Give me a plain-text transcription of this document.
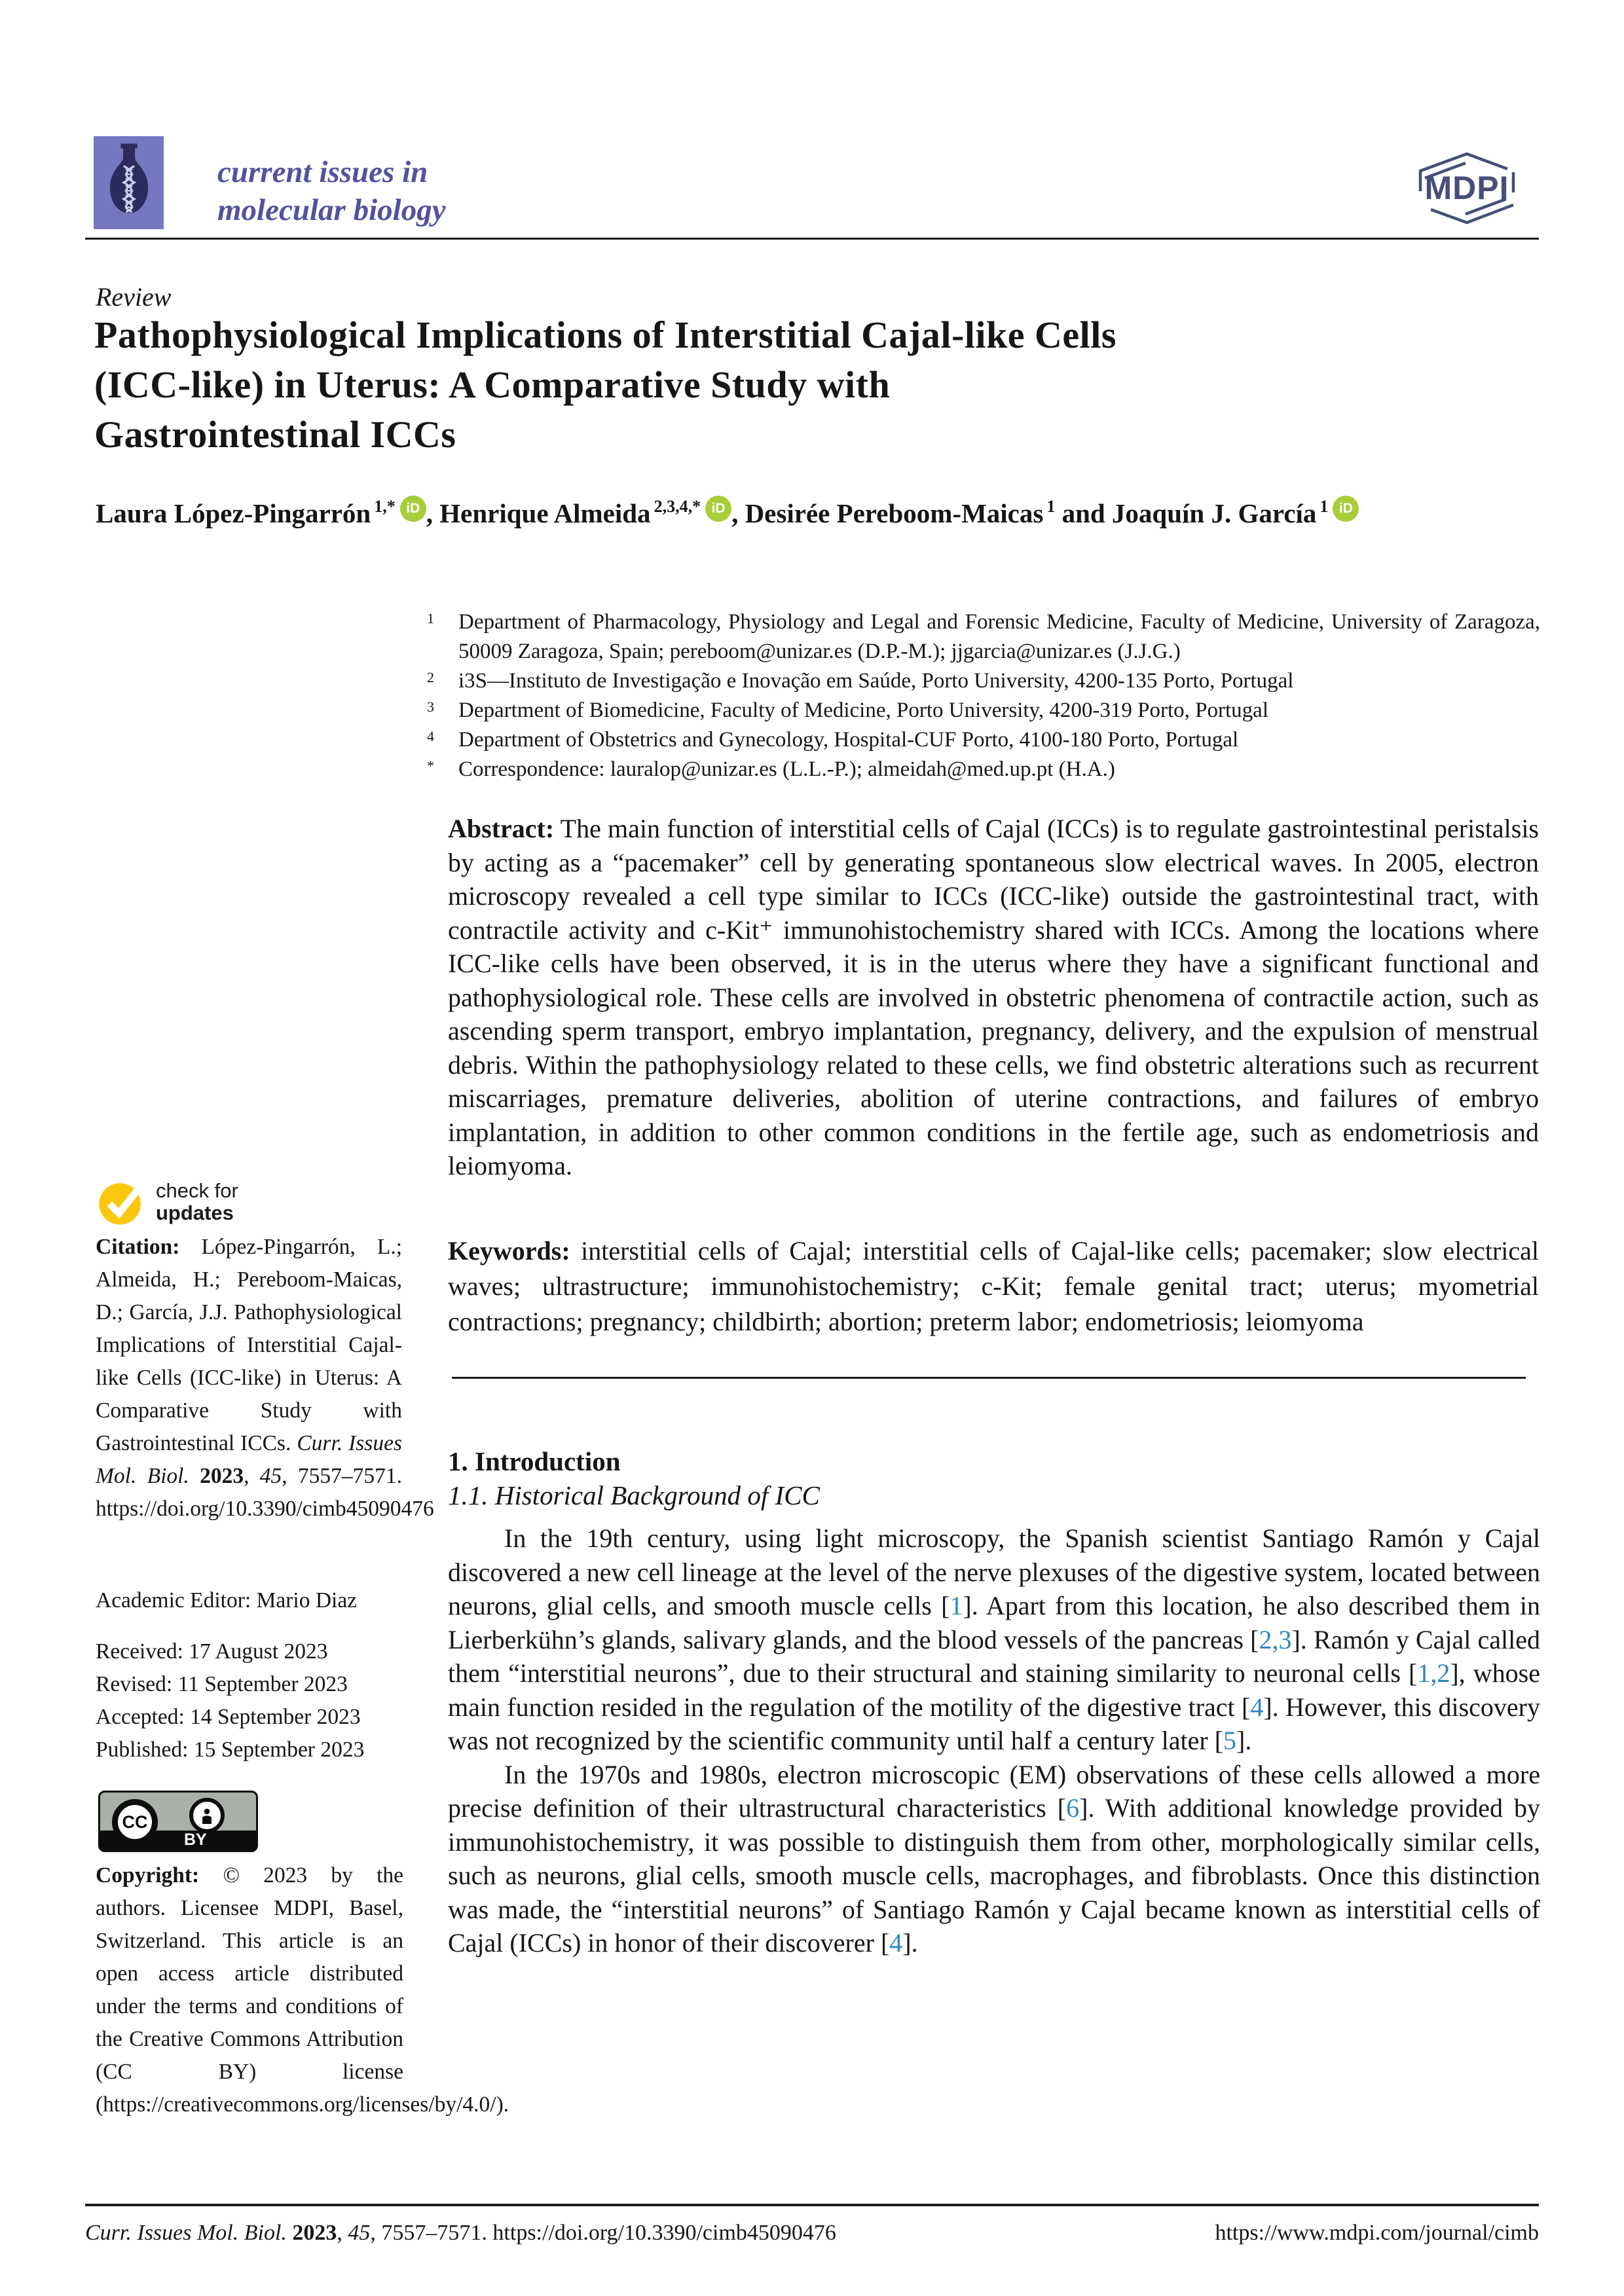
current issues in
molecular biology
MDPI
Review
Pathophysiological Implications of Interstitial Cajal-like Cells
(ICC-like) in Uterus: A Comparative Study with
Gastrointestinal ICCs
Laura López-Pingarrón $^{1,*}$ iD , Henrique Almeida $^{2,3,4,*}$ iD , Desirée Pereboom-Maicas $^1$ and Joaquín J. García $^1$ iD
1	Department of Pharmacology, Physiology and Legal and Forensic Medicine, Faculty of Medicine, University of Zaragoza, 50009 Zaragoza, Spain; pereboom@unizar.es (D.P.-M.); jjgarcia@unizar.es (J.J.G.)
2	i3S—Instituto de Investigação e Inovação em Saúde, Porto University, 4200-135 Porto, Portugal
3	Department of Biomedicine, Faculty of Medicine, Porto University, 4200-319 Porto, Portugal
4	Department of Obstetrics and Gynecology, Hospital-CUF Porto, 4100-180 Porto, Portugal
*	Correspondence: lauralop@unizar.es (L.L.-P.); almeidah@med.up.pt (H.A.)
Abstract: The main function of interstitial cells of Cajal (ICCs) is to regulate gastrointestinal peristalsis by acting as a “pacemaker” cell by generating spontaneous slow electrical waves. In 2005, electron microscopy revealed a cell type similar to ICCs (ICC-like) outside the gastrointestinal tract, with contractile activity and c-Kit⁺ immunohistochemistry shared with ICCs. Among the locations where ICC-like cells have been observed, it is in the uterus where they have a significant functional and pathophysiological role. These cells are involved in obstetric phenomena of contractile action, such as ascending sperm transport, embryo implantation, pregnancy, delivery, and the expulsion of menstrual debris. Within the pathophysiology related to these cells, we find obstetric alterations such as recurrent miscarriages, premature deliveries, abolition of uterine contractions, and failures of embryo implantation, in addition to other common conditions in the fertile age, such as endometriosis and leiomyoma.
Keywords: interstitial cells of Cajal; interstitial cells of Cajal-like cells; pacemaker; slow electrical waves; ultrastructure; immunohistochemistry; c-Kit; female genital tract; uterus; myometrial contractions; pregnancy; childbirth; abortion; preterm labor; endometriosis; leiomyoma
1. Introduction
1.1. Historical Background of ICC

In the 19th century, using light microscopy, the Spanish scientist Santiago Ramón y Cajal discovered a new cell lineage at the level of the nerve plexuses of the digestive system, located between neurons, glial cells, and smooth muscle cells [1]. Apart from this location, he also described them in Lierberkühn’s glands, salivary glands, and the blood vessels of the pancreas [2,3]. Ramón y Cajal called them “interstitial neurons”, due to their structural and staining similarity to neuronal cells [1,2], whose main function resided in the regulation of the motility of the digestive tract [4]. However, this discovery was not recognized by the scientific community until half a century later [5].

In the 1970s and 1980s, electron microscopic (EM) observations of these cells allowed a more precise definition of their ultrastructural characteristics [6]. With additional knowledge provided by immunohistochemistry, it was possible to distinguish them from other, morphologically similar cells, such as neurons, glial cells, smooth muscle cells, macrophages, and fibroblasts. Once this distinction was made, the “interstitial neurons” of Santiago Ramón y Cajal became known as interstitial cells of Cajal (ICCs) in honor of their discoverer [4].

check for
updates
Citation: López-Pingarrón, L.; Almeida, H.; Pereboom-Maicas, D.; García, J.J. Pathophysiological Implications of Interstitial Cajal-like Cells (ICC-like) in Uterus: A Comparative Study with Gastrointestinal ICCs. Curr. Issues Mol. Biol. 2023, 45, 7557–7571. https://doi.org/10.3390/cimb45090476
Academic Editor: Mario Diaz
Received: 17 August 2023
Revised: 11 September 2023
Accepted: 14 September 2023
Published: 15 September 2023
CC
BY
Copyright: © 2023 by the authors. Licensee MDPI, Basel, Switzerland. This article is an open access article distributed under the terms and conditions of the Creative Commons Attribution (CC BY) license (https://creativecommons.org/licenses/by/4.0/).
Curr. Issues Mol. Biol. 2023, 45, 7557–7571. https://doi.org/10.3390/cimb45090476	https://www.mdpi.com/journal/cimb
